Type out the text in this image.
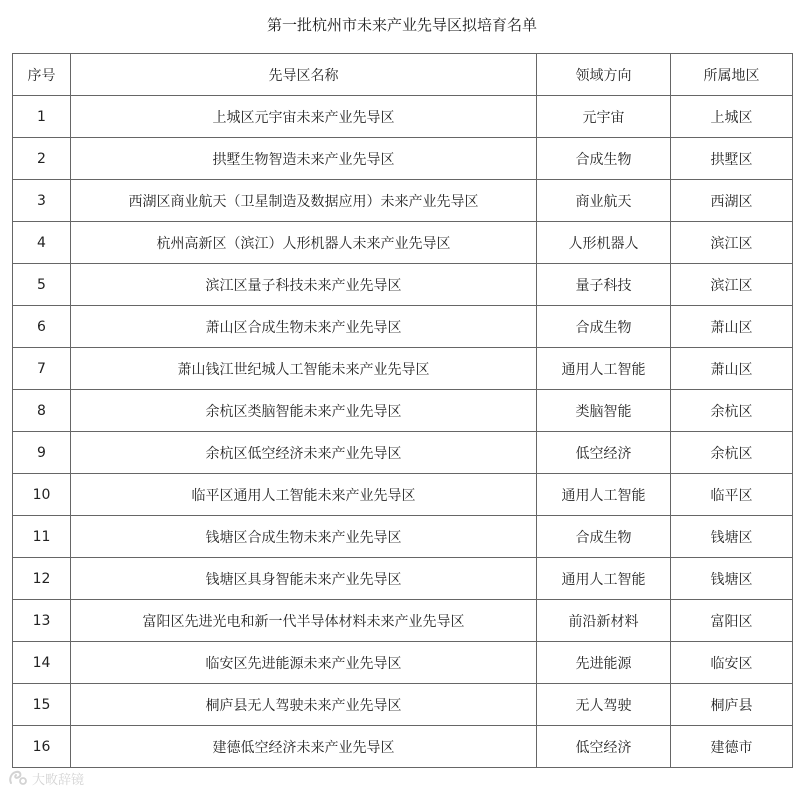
第一批杭州市未来产业先导区拟培育名单
序号	先导区名称	领域方向	所属地区
1	上城区元宇宙未来产业先导区	元宇宙	上城区
2	拱墅生物智造未来产业先导区	合成生物	拱墅区
3	西湖区商业航天（卫星制造及数据应用）未来产业先导区	商业航天	西湖区
4	杭州高新区（滨江）人形机器人未来产业先导区	人形机器人	滨江区
5	滨江区量子科技未来产业先导区	量子科技	滨江区
6	萧山区合成生物未来产业先导区	合成生物	萧山区
7	萧山钱江世纪城人工智能未来产业先导区	通用人工智能	萧山区
8	余杭区类脑智能未来产业先导区	类脑智能	余杭区
9	余杭区低空经济未来产业先导区	低空经济	余杭区
10	临平区通用人工智能未来产业先导区	通用人工智能	临平区
11	钱塘区合成生物未来产业先导区	合成生物	钱塘区
12	钱塘区具身智能未来产业先导区	通用人工智能	钱塘区
13	富阳区先进光电和新一代半导体材料未来产业先导区	前沿新材料	富阳区
14	临安区先进能源未来产业先导区	先进能源	临安区
15	桐庐县无人驾驶未来产业先导区	无人驾驶	桐庐县
16	建德低空经济未来产业先导区	低空经济	建德市
大畋辞镜
